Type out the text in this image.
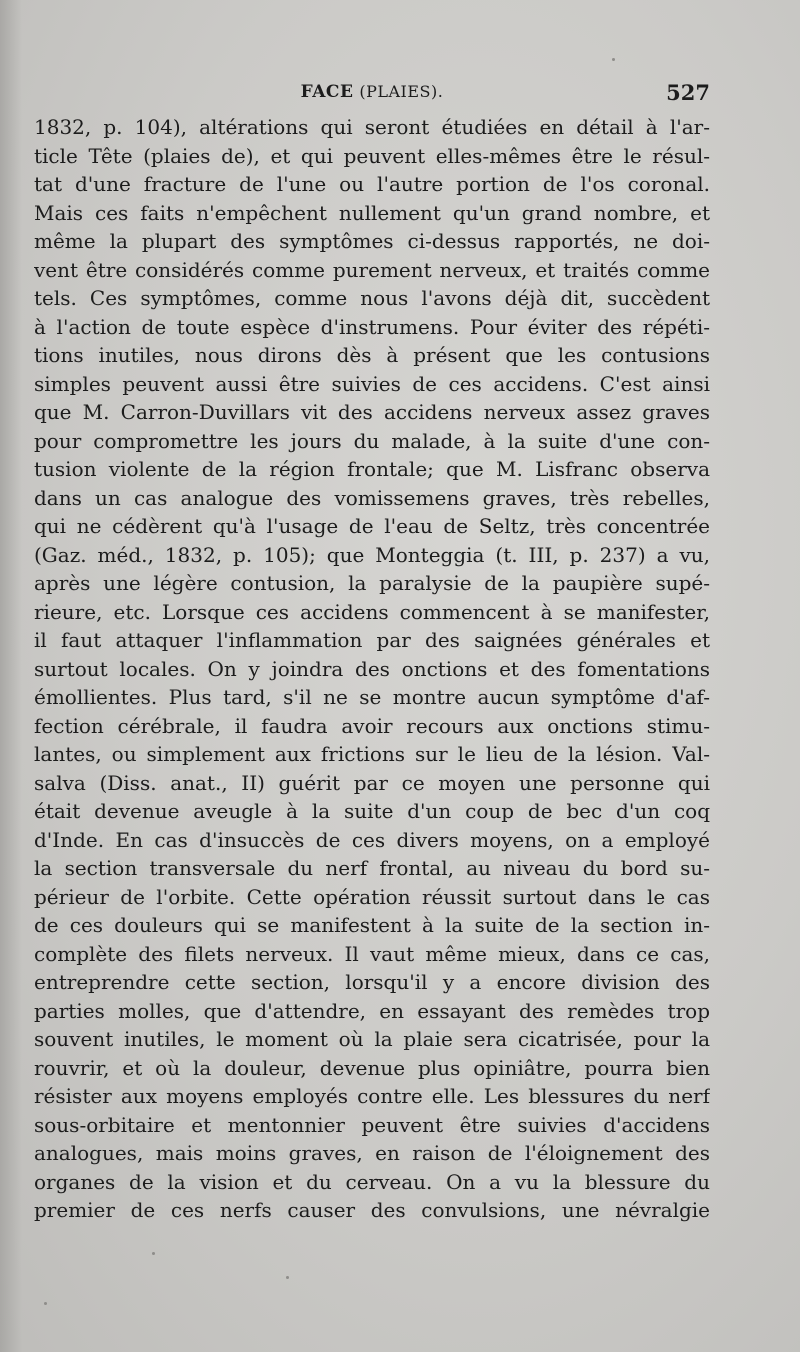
FACE (PLAIES).	527
1832, p. 104), altérations qui seront étudiées en détail à l'ar-
ticle Tête (plaies de), et qui peuvent elles-mêmes être le résul-
tat d'une fracture de l'une ou l'autre portion de l'os coronal.
Mais ces faits n'empêchent nullement qu'un grand nombre, et
même la plupart des symptômes ci-dessus rapportés, ne doi-
vent être considérés comme purement nerveux, et traités comme
tels. Ces symptômes, comme nous l'avons déjà dit, succèdent
à l'action de toute espèce d'instrumens. Pour éviter des répéti-
tions inutiles, nous dirons dès à présent que les contusions
simples peuvent aussi être suivies de ces accidens. C'est ainsi
que M. Carron-Duvillars vit des accidens nerveux assez graves
pour compromettre les jours du malade, à la suite d'une con-
tusion violente de la région frontale; que M. Lisfranc observa
dans un cas analogue des vomissemens graves, très rebelles,
qui ne cédèrent qu'à l'usage de l'eau de Seltz, très concentrée
(Gaz. méd., 1832, p. 105); que Monteggia (t. III, p. 237) a vu,
après une légère contusion, la paralysie de la paupière supé-
rieure, etc. Lorsque ces accidens commencent à se manifester,
il faut attaquer l'inflammation par des saignées générales et
surtout locales. On y joindra des onctions et des fomentations
émollientes. Plus tard, s'il ne se montre aucun symptôme d'af-
fection cérébrale, il faudra avoir recours aux onctions stimu-
lantes, ou simplement aux frictions sur le lieu de la lésion. Val-
salva (Diss. anat., II) guérit par ce moyen une personne qui
était devenue aveugle à la suite d'un coup de bec d'un coq
d'Inde. En cas d'insuccès de ces divers moyens, on a employé
la section transversale du nerf frontal, au niveau du bord su-
périeur de l'orbite. Cette opération réussit surtout dans le cas
de ces douleurs qui se manifestent à la suite de la section in-
complète des filets nerveux. Il vaut même mieux, dans ce cas,
entreprendre cette section, lorsqu'il y a encore division des
parties molles, que d'attendre, en essayant des remèdes trop
souvent inutiles, le moment où la plaie sera cicatrisée, pour la
rouvrir, et où la douleur, devenue plus opiniâtre, pourra bien
résister aux moyens employés contre elle. Les blessures du nerf
sous-orbitaire et mentonnier peuvent être suivies d'accidens
analogues, mais moins graves, en raison de l'éloignement des
organes de la vision et du cerveau. On a vu la blessure du
premier de ces nerfs causer des convulsions, une névralgie
